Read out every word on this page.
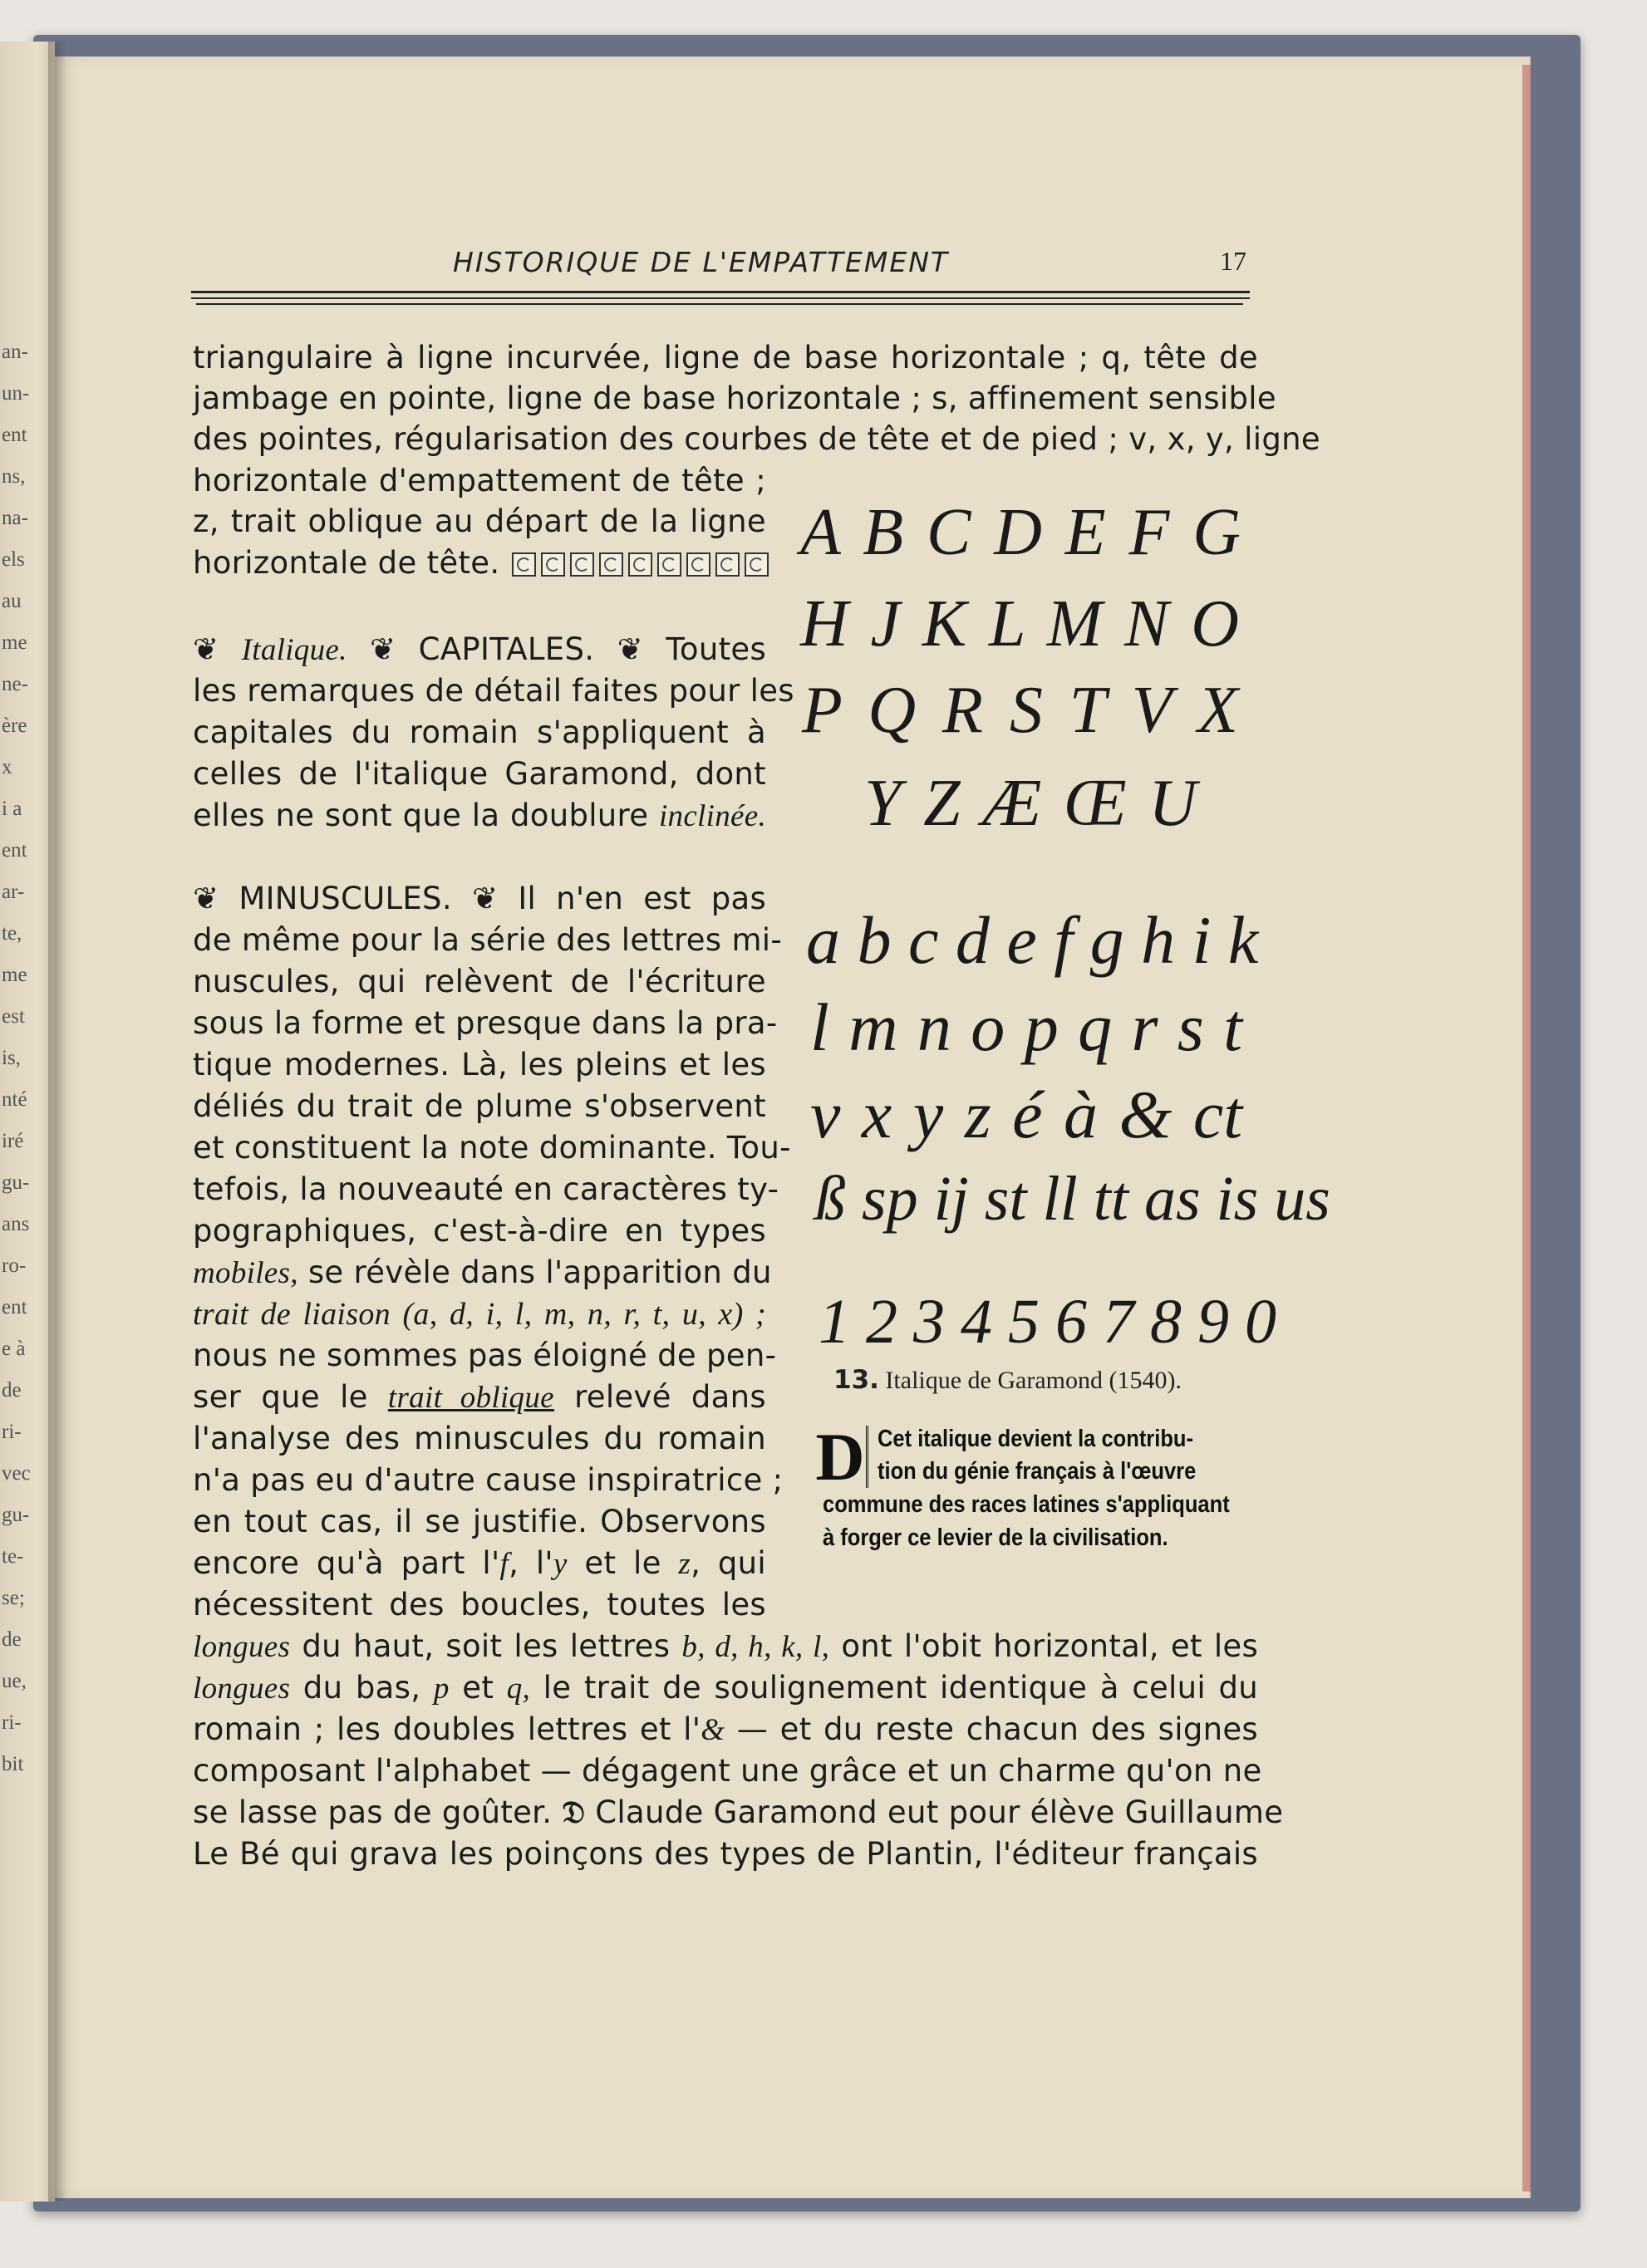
an-
un-
ent
ns,
na-
els
au
me
ne-
ère
x
i a
ent
ar-
te,
me
est
is,
nté
iré
gu-
ans
ro-
ent
e à
de
ri-
vec
gu-
te-
se;
de
ue,
ri-
bit
HISTORIQUE DE L'EMPATTEMENT	17
triangulaire à ligne incurvée, ligne de base horizontale ; q, tête de
jambage en pointe, ligne de base horizontale ; s, affinement sensible
des pointes, régularisation des courbes de tête et de pied ; v, x, y, ligne
horizontale d'empattement de tête ;
z, trait oblique au départ de la ligne
horizontale de tête.
❦ Italique. ❦ CAPITALES. ❦ Toutes
les remarques de détail faites pour les
capitales du romain s'appliquent à
celles de l'italique Garamond, dont
elles ne sont que la doublure inclinée.
❦ MINUSCULES. ❦ Il n'en est pas
de même pour la série des lettres mi-
nuscules, qui relèvent de l'écriture
sous la forme et presque dans la pra-
tique modernes. Là, les pleins et les
déliés du trait de plume s'observent
et constituent la note dominante. Tou-
tefois, la nouveauté en caractères ty-
pographiques, c'est-à-dire en types
mobiles, se révèle dans l'apparition du
trait de liaison (a, d, i, l, m, n, r, t, u, x) ;
nous ne sommes pas éloigné de pen-
ser que le trait oblique relevé dans
l'analyse des minuscules du romain
n'a pas eu d'autre cause inspiratrice ;
en tout cas, il se justifie. Observons
encore qu'à part l'f, l'y et le z, qui
nécessitent des boucles, toutes les
longues du haut, soit les lettres b, d, h, k, l, ont l'obit horizontal, et les
longues du bas, p et q, le trait de soulignement identique à celui du
romain ; les doubles lettres et l'& — et du reste chacun des signes
composant l'alphabet — dégagent une grâce et un charme qu'on ne
se lasse pas de goûter. 𝔇 Claude Garamond eut pour élève Guillaume
Le Bé qui grava les poinçons des types de Plantin, l'éditeur français
A B C D E F G
H J K L M N O
P Q R S T V X
Y Z Æ Œ U
a b c d e f g h i k
l m n o p q r s t
v x y z é à & ct
ß sp ij st ll tt as is us
1 2 3 4 5 6 7 8 9 0
13. Italique de Garamond (1540).
D Cet italique devient la contribu-
tion du génie français à l'œuvre
commune des races latines s'appliquant
à forger ce levier de la civilisation.
